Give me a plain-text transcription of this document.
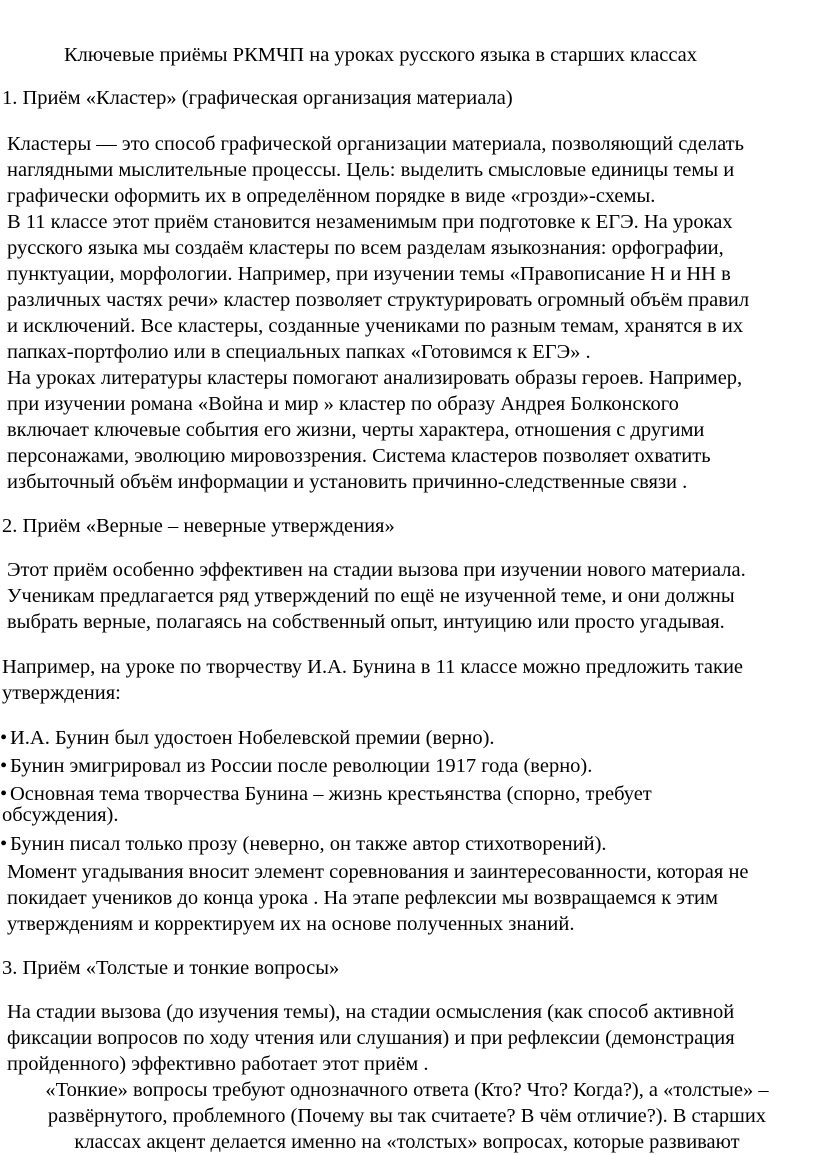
Ключевые приёмы РКМЧП на уроках русского языка в старших классах
1. Приём «Кластер» (графическая организация материала)
Кластеры — это способ графической организации материала, позволяющий сделать
наглядными мыслительные процессы. Цель: выделить смысловые единицы темы и
графически оформить их в определённом порядке в виде «грозди»-схемы.
В 11 классе этот приём становится незаменимым при подготовке к ЕГЭ. На уроках
русского языка мы создаём кластеры по всем разделам языкознания: орфографии,
пунктуации, морфологии. Например, при изучении темы «Правописание Н и НН в
различных частях речи» кластер позволяет структурировать огромный объём правил
и исключений. Все кластеры, созданные учениками по разным темам, хранятся в их
папках-портфолио или в специальных папках «Готовимся к ЕГЭ» .
На уроках литературы кластеры помогают анализировать образы героев. Например,
при изучении романа «Война и мир » кластер по образу Андрея Болконского
включает ключевые события его жизни, черты характера, отношения с другими
персонажами, эволюцию мировоззрения. Система кластеров позволяет охватить
избыточный объём информации и установить причинно-следственные связи .
2. Приём «Верные – неверные утверждения»
Этот приём особенно эффективен на стадии вызова при изучении нового материала.
Ученикам предлагается ряд утверждений по ещё не изученной теме, и они должны
выбрать верные, полагаясь на собственный опыт, интуицию или просто угадывая.
Например, на уроке по творчеству И.А. Бунина в 11 классе можно предложить такие
утверждения:
• И.А. Бунин был удостоен Нобелевской премии (верно).
• Бунин эмигрировал из России после революции 1917 года (верно).
• Основная тема творчества Бунина – жизнь крестьянства (спорно, требует
обсуждения).
• Бунин писал только прозу (неверно, он также автор стихотворений).
Момент угадывания вносит элемент соревнования и заинтересованности, которая не
покидает учеников до конца урока . На этапе рефлексии мы возвращаемся к этим
утверждениям и корректируем их на основе полученных знаний.
3. Приём «Толстые и тонкие вопросы»
На стадии вызова (до изучения темы), на стадии осмысления (как способ активной
фиксации вопросов по ходу чтения или слушания) и при рефлексии (демонстрация
пройденного) эффективно работает этот приём .
«Тонкие» вопросы требуют однозначного ответа (Кто? Что? Когда?), а «толстые» –
развёрнутого, проблемного (Почему вы так считаете? В чём отличие?). В старших
классах акцент делается именно на «толстых» вопросах, которые развивают
